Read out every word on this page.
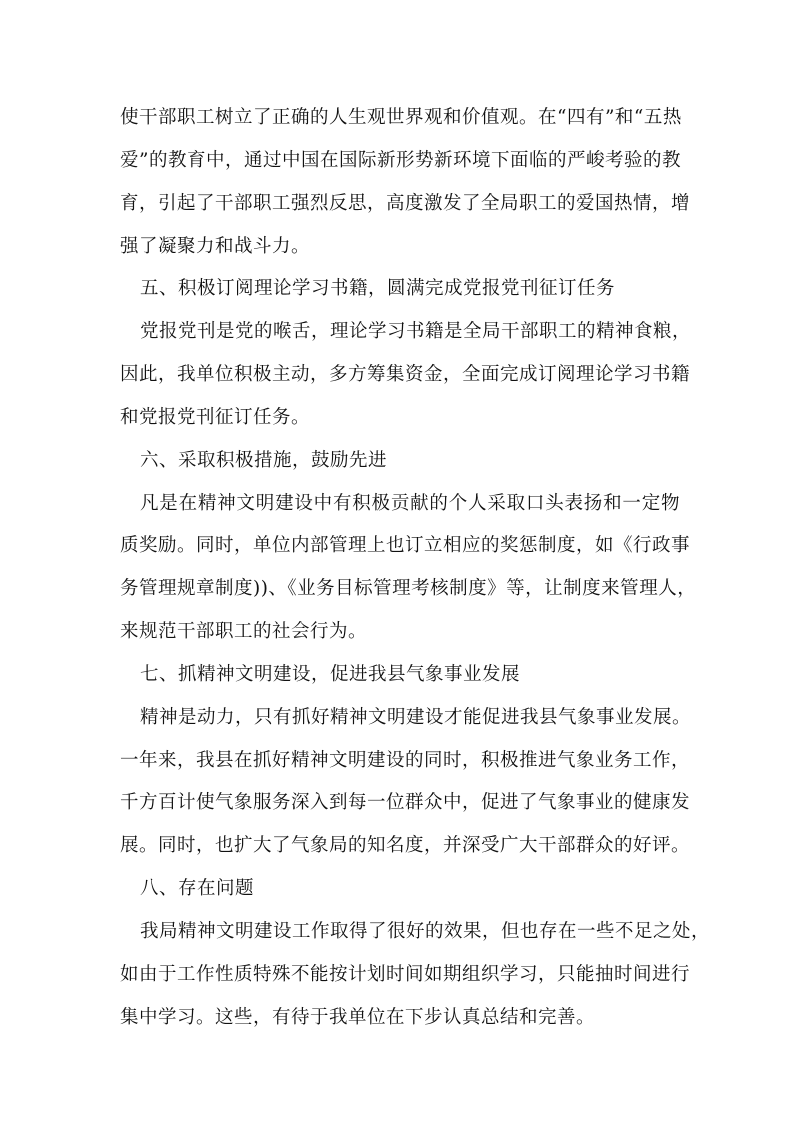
使干部职工树立了正确的人生观世界观和价值观。在“四有”和“五热
爱”的教育中，通过中国在国际新形势新环境下面临的严峻考验的教
育，引起了干部职工强烈反思，高度激发了全局职工的爱国热情，增
强了凝聚力和战斗力。
五、积极订阅理论学习书籍，圆满完成党报党刊征订任务
党报党刊是党的喉舌，理论学习书籍是全局干部职工的精神食粮，
因此，我单位积极主动，多方筹集资金，全面完成订阅理论学习书籍
和党报党刊征订任务。
六、采取积极措施，鼓励先进
凡是在精神文明建设中有积极贡献的个人采取口头表扬和一定物
质奖励。同时，单位内部管理上也订立相应的奖惩制度，如《行政事
务管理规章制度))、《业务目标管理考核制度》等，让制度来管理人，
来规范干部职工的社会行为。
七、抓精神文明建设，促进我县气象事业发展
精神是动力，只有抓好精神文明建设才能促进我县气象事业发展。
一年来，我县在抓好精神文明建设的同时，积极推进气象业务工作，
千方百计使气象服务深入到每一位群众中，促进了气象事业的健康发
展。同时，也扩大了气象局的知名度，并深受广大干部群众的好评。
八、存在问题
我局精神文明建设工作取得了很好的效果，但也存在一些不足之处，
如由于工作性质特殊不能按计划时间如期组织学习，只能抽时间进行
集中学习。这些，有待于我单位在下步认真总结和完善。
